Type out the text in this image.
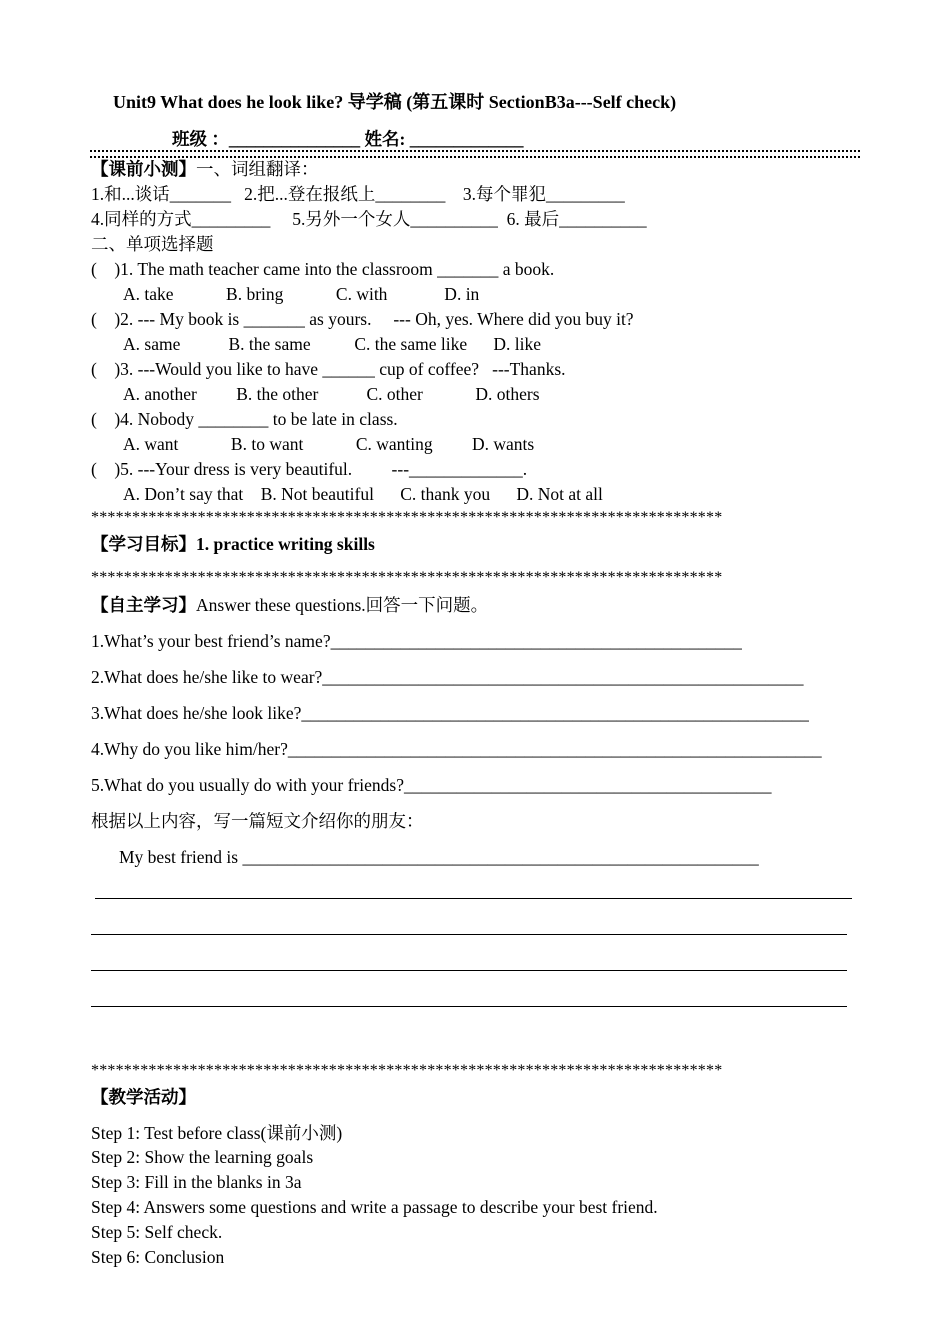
Unit9 What does he look like? 导学稿 (第五课时 SectionB3a---Self check)
班级 ：_______________ 姓名: _____________
【课前小测】一、词组翻译：
1.和...谈话_______   2.把...登在报纸上________    3.每个罪犯_________
4.同样的方式_________     5.另外一个女人__________  6. 最后__________
二、单项选择题
(    )1. The math teacher came into the classroom _______ a book.
A. take            B. bring            C. with             D. in
(    )2. --- My book is _______ as yours.     --- Oh, yes. Where did you buy it?
A. same           B. the same          C. the same like      D. like
(    )3. ---Would you like to have ______ cup of coffee?   ---Thanks.
A. another         B. the other           C. other            D. others
(    )4. Nobody ________ to be late in class.
A. want            B. to want            C. wanting         D. wants
(    )5. ---Your dress is very beautiful.         ---_____________.
A. Don’t say that    B. Not beautiful      C. thank you      D. Not at all
*****************************************************************************
【学习目标】1. practice writing skills
*****************************************************************************
【自主学习】Answer these questions.回答一下问题。
1.What’s your best friend’s name?_______________________________________________
2.What does he/she like to wear?_______________________________________________________
3.What does he/she look like?__________________________________________________________
4.Why do you like him/her?_____________________________________________________________
5.What do you usually do with your friends?__________________________________________
根据以上内容，写一篇短文介绍你的朋友：
My best friend is ___________________________________________________________
*****************************************************************************
【教学活动】
Step 1: Test before class(课前小测)
Step 2: Show the learning goals
Step 3: Fill in the blanks in 3a
Step 4: Answers some questions and write a passage to describe your best friend.
Step 5: Self check.
Step 6: Conclusion
